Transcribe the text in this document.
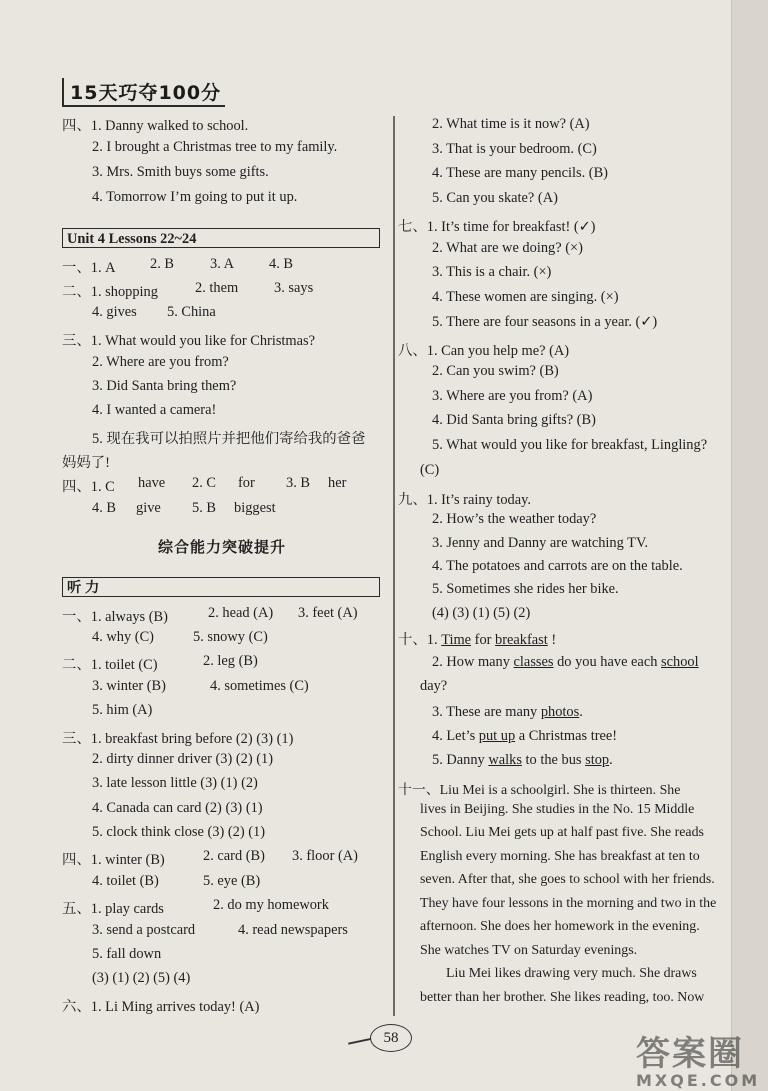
15天巧夺100分
四、1. Danny walked to school.
2. I brought a Christmas tree to my family.
3. Mrs. Smith buys some gifts.
4. Tomorrow I’m going to put it up.
Unit 4 Lessons 22~24
一、1. A 2. B	3. A 4. B
二、1. shopping	2. them 3. says
4. gives 5. China
三、1. What would you like for Christmas?
2. Where are you from?
3. Did Santa bring them?
4. I wanted a camera!
5. 现在我可以拍照片并把他们寄给我的爸爸
妈妈了!
四、1. C have 2. C for 3. B her
4. B give 5. B biggest
综合能力突破提升
听 力
一、1. always (B)	2. head (A) 3. feet (A)
4. why (C)	5. snowy (C)
二、1. toilet (C)	2. leg (B)
3. winter (B)	4. sometimes (C)
5. him (A)
三、1. breakfast bring before (2) (3) (1)
2. dirty dinner driver (3) (2) (1)
3. late lesson little (3) (1) (2)
4. Canada can card (2) (3) (1)
5. clock think close (3) (2) (1)
四、1. winter (B)	2. card (B) 3. floor (A)
4. toilet (B)	5. eye (B)
五、1. play cards	2. do my homework
3. send a postcard	4. read newspapers
5. fall down
(3) (1) (2) (5) (4)
六、1. Li Ming arrives today! (A)
2. What time is it now? (A)
3. That is your bedroom. (C)
4. These are many pencils. (B)
5. Can you skate? (A)
七、1. It’s time for breakfast! (✓)
2. What are we doing? (×)
3. This is a chair. (×)
4. These women are singing. (×)
5. There are four seasons in a year. (✓)
八、1. Can you help me? (A)
2. Can you swim? (B)
3. Where are you from? (A)
4. Did Santa bring gifts? (B)
5. What would you like for breakfast, Lingling?
(C)
九、1. It’s rainy today.
2. How’s the weather today?
3. Jenny and Danny are watching TV.
4. The potatoes and carrots are on the table.
5. Sometimes she rides her bike.
(4) (3) (1) (5) (2)
十、1. Time for breakfast !
2. How many classes do you have each school
day?
3. These are many photos.
4. Let’s put up a Christmas tree!
5. Danny walks to the bus stop.
十一、Liu Mei is a schoolgirl. She is thirteen. She
lives in Beijing. She studies in the No. 15 Middle
School. Liu Mei gets up at half past five. She reads
English every morning. She has breakfast at ten to
seven. After that, she goes to school with her friends.
They have four lessons in the morning and two in the
afternoon. She does her homework in the evening.
She watches TV on Saturday evenings.
Liu Mei likes drawing very much. She draws
better than her brother. She likes reading, too. Now
58	答案圈
MXQE.COM
